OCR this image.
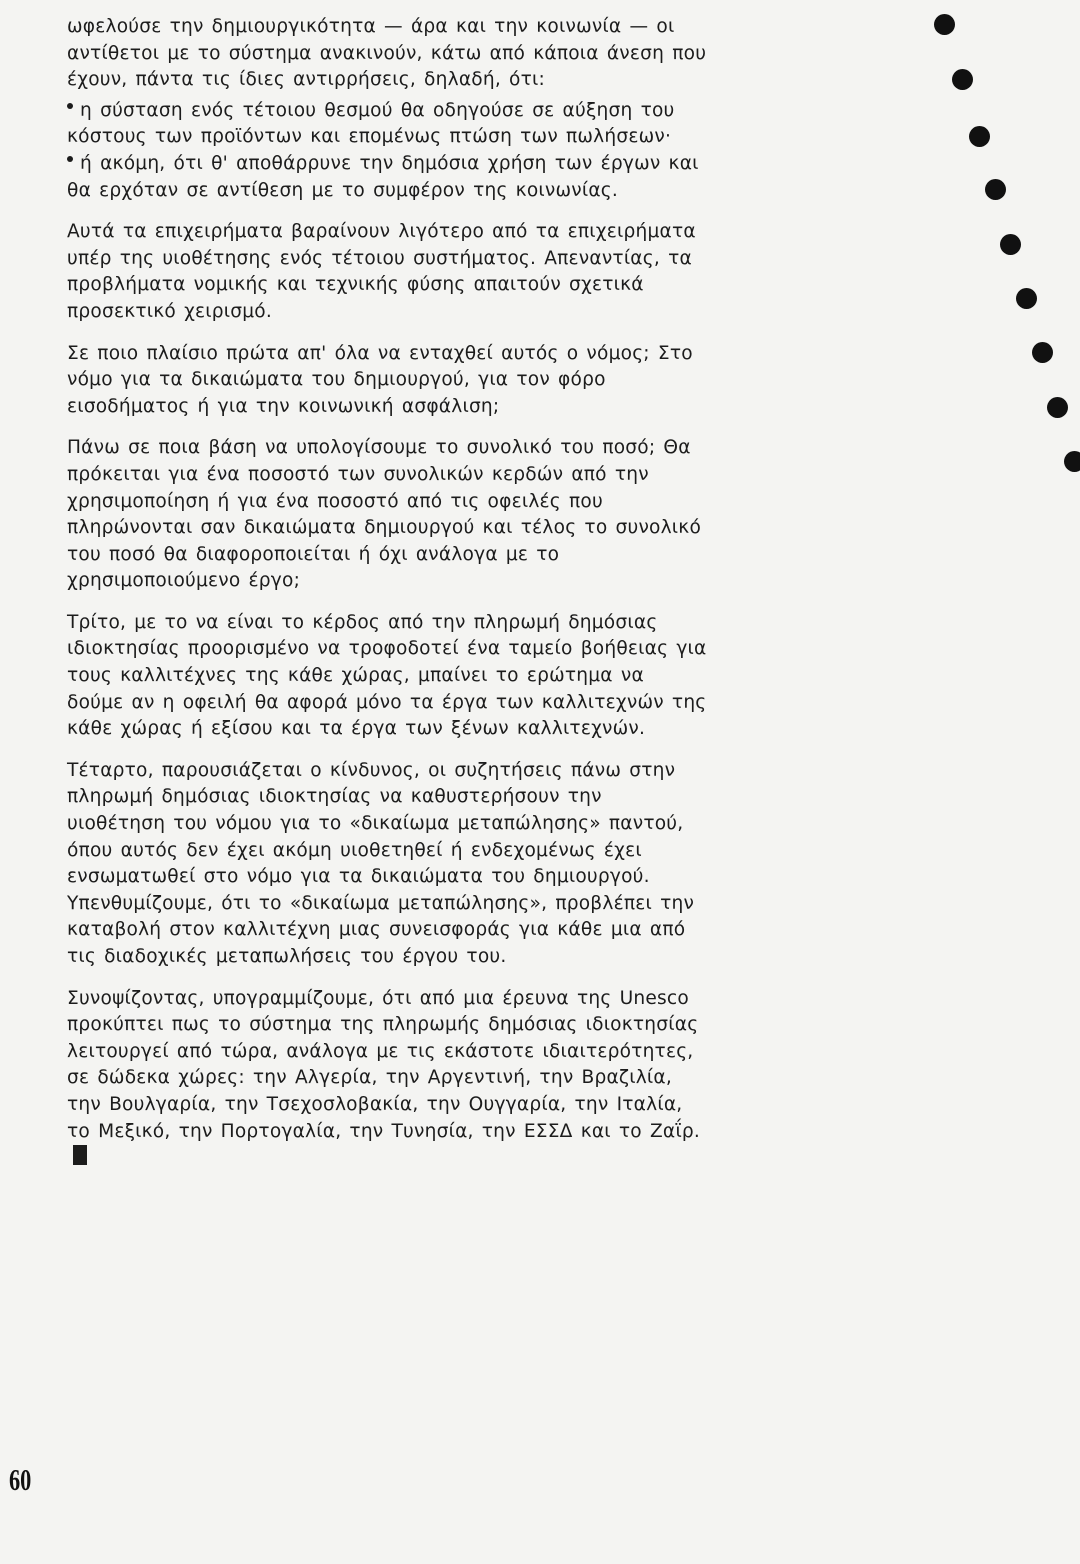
ωφελούσε την δημιουργικότητα — άρα και την κοινωνία — οι αντίθετοι με το σύστημα ανακινούν, κάτω από κάποια άνεση που έχουν, πάντα τις ίδιες αντιρρήσεις, δηλαδή, ότι:

η σύσταση ενός τέτοιου θεσμού θα οδηγούσε σε αύξηση του κόστους των προϊόντων και επομένως πτώση των πωλήσεων·

ή ακόμη, ότι θ' αποθάρρυνε την δημόσια χρήση των έργων και θα ερχόταν σε αντίθεση με το συμφέρον της κοινωνίας.

Αυτά τα επιχειρήματα βαραίνουν λιγότερο από τα επιχειρήματα υπέρ της υιοθέτησης ενός τέτοιου συστήματος. Απεναντίας, τα προβλήματα νομικής και τεχνικής φύσης απαιτούν σχετικά προσεκτικό χειρισμό.

Σε ποιο πλαίσιο πρώτα απ' όλα να ενταχθεί αυτός ο νόμος; Στο νόμο για τα δικαιώματα του δημιουργού, για τον φόρο εισοδήματος ή για την κοινωνική ασφάλιση;

Πάνω σε ποια βάση να υπολογίσουμε το συνολικό του ποσό; Θα πρόκειται για ένα ποσοστό των συνολικών κερδών από την χρησιμοποίηση ή για ένα ποσοστό από τις οφειλές που πληρώνονται σαν δικαιώματα δημιουργού και τέλος το συνολικό του ποσό θα διαφοροποιείται ή όχι ανάλογα με το χρησιμοποιούμενο έργο;

Τρίτο, με το να είναι το κέρδος από την πληρωμή δημόσιας ιδιοκτησίας προορισμένο να τροφοδοτεί ένα ταμείο βοήθειας για τους καλλιτέχνες της κάθε χώρας, μπαίνει το ερώτημα να δούμε αν η οφειλή θα αφορά μόνο τα έργα των καλλιτεχνών της κάθε χώρας ή εξίσου και τα έργα των ξένων καλλιτεχνών.

Τέταρτο, παρουσιάζεται ο κίνδυνος, οι συζητήσεις πάνω στην πληρωμή δημόσιας ιδιοκτησίας να καθυστερήσουν την υιοθέτηση του νόμου για το «δικαίωμα μεταπώλησης» παντού, όπου αυτός δεν έχει ακόμη υιοθετηθεί ή ενδεχομένως έχει ενσωματωθεί στο νόμο για τα δικαιώματα του δημιουργού. Υπενθυμίζουμε, ότι το «δικαίωμα μεταπώλησης», προβλέπει την καταβολή στον καλλιτέχνη μιας συνεισφοράς για κάθε μια από τις διαδοχικές μεταπωλήσεις του έργου του.

Συνοψίζοντας, υπογραμμίζουμε, ότι από μια έρευνα της Unesco προκύπτει πως το σύστημα της πληρωμής δημόσιας ιδιοκτησίας λειτουργεί από τώρα, ανάλογα με τις εκάστοτε ιδιαιτερότητες, σε δώδεκα χώρες: την Αλγερία, την Αργεντινή, την Βραζιλία, την Βουλγαρία, την Τσεχοσλοβακία, την Ουγγαρία, την Ιταλία, το Μεξικό, την Πορτογαλία, την Τυνησία, την ΕΣΣΔ και το Ζαΐρ.

60
